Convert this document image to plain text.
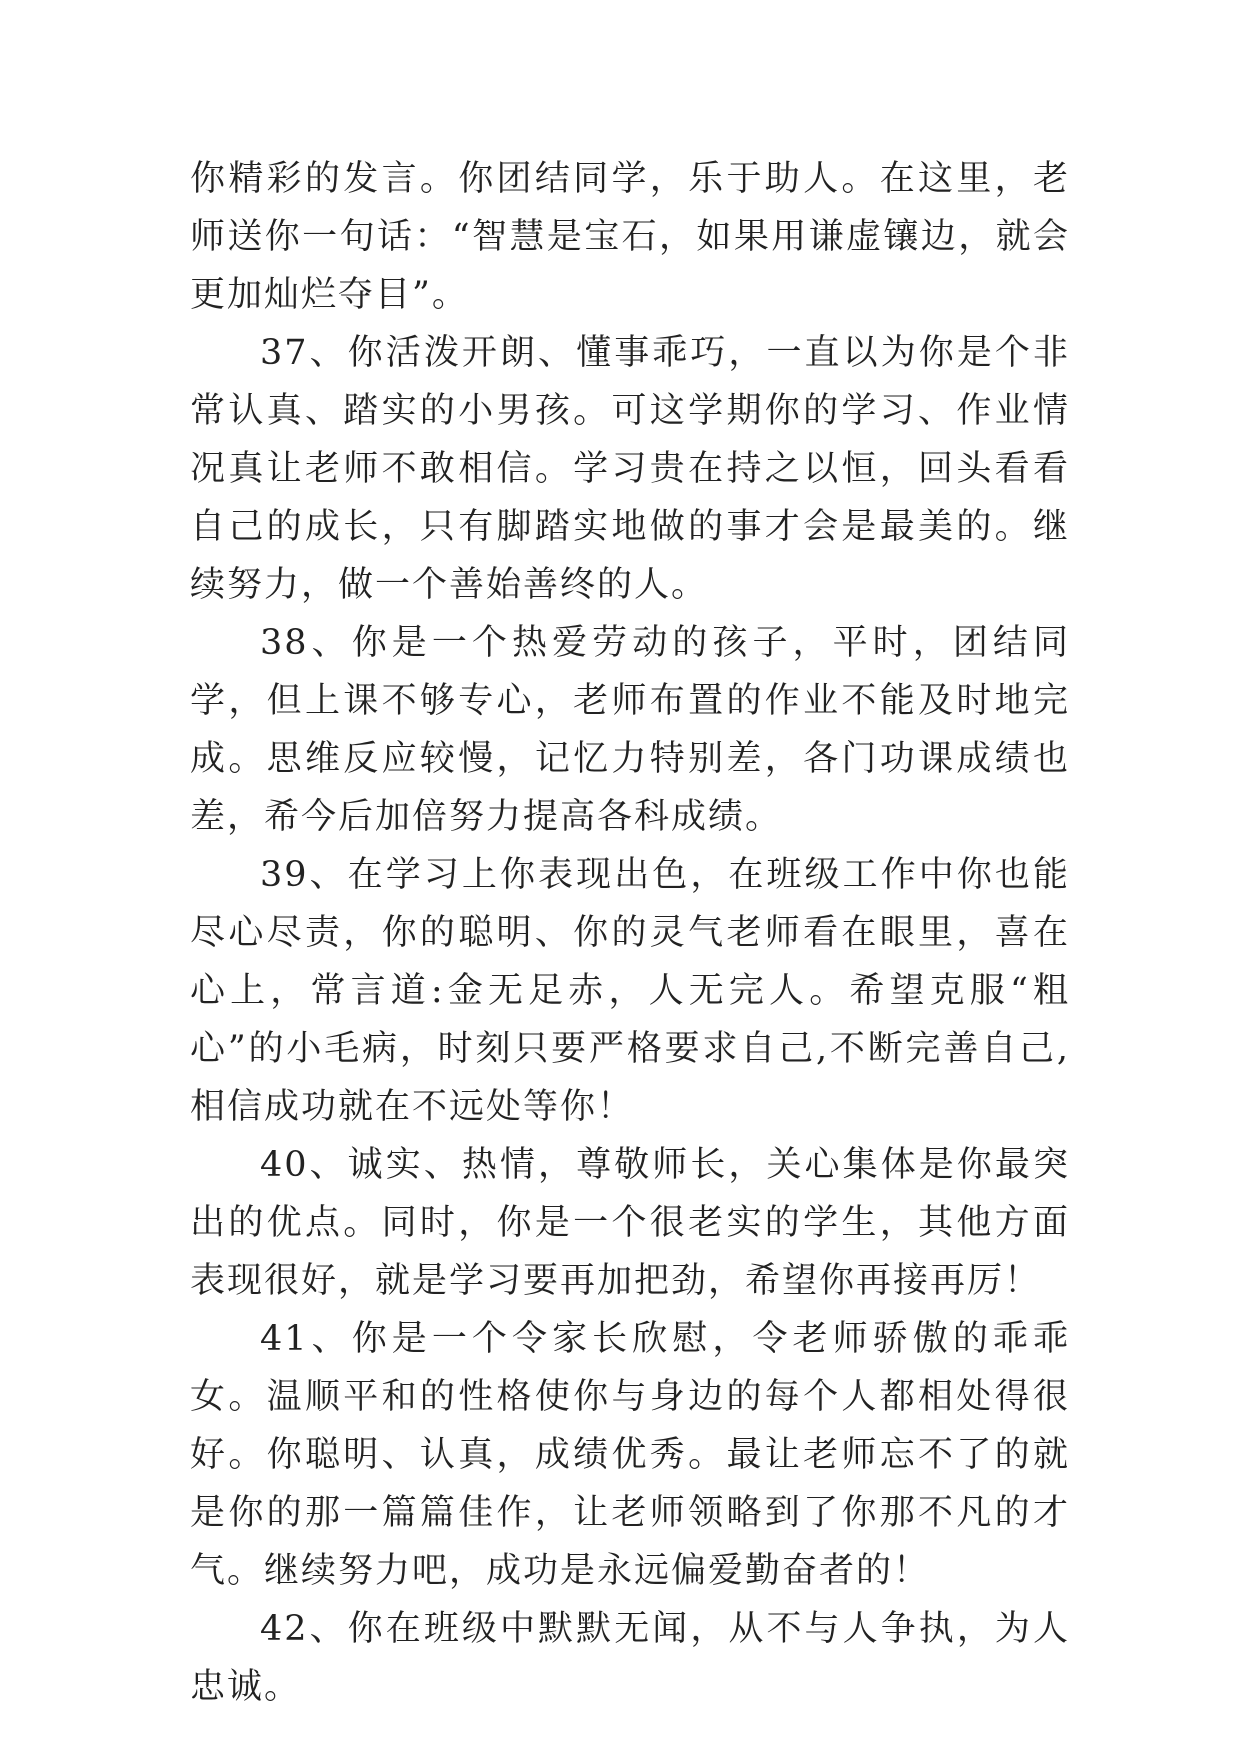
你精彩的发言。你团结同学，乐于助人。在这里，老师送你一句话：“智慧是宝石，如果用谦虚镶边，就会更加灿烂夺目”。

37、你活泼开朗、懂事乖巧，一直以为你是个非常认真、踏实的小男孩。可这学期你的学习、作业情况真让老师不敢相信。学习贵在持之以恒，回头看看自己的成长，只有脚踏实地做的事才会是最美的。继续努力，做一个善始善终的人。

38、你是一个热爱劳动的孩子，平时，团结同学，但上课不够专心，老师布置的作业不能及时地完成。思维反应较慢，记忆力特别差，各门功课成绩也差，希今后加倍努力提高各科成绩。

39、在学习上你表现出色，在班级工作中你也能尽心尽责，你的聪明、你的灵气老师看在眼里，喜在心上，常言道:金无足赤，人无完人。希望克服“粗心”的小毛病，时刻只要严格要求自己,不断完善自己,相信成功就在不远处等你！

40、诚实、热情，尊敬师长，关心集体是你最突出的优点。同时，你是一个很老实的学生，其他方面表现很好，就是学习要再加把劲，希望你再接再厉！

41、你是一个令家长欣慰，令老师骄傲的乖乖女。温顺平和的性格使你与身边的每个人都相处得很好。你聪明、认真，成绩优秀。最让老师忘不了的就是你的那一篇篇佳作，让老师领略到了你那不凡的才气。继续努力吧，成功是永远偏爱勤奋者的！

42、你在班级中默默无闻，从不与人争执，为人忠诚。
